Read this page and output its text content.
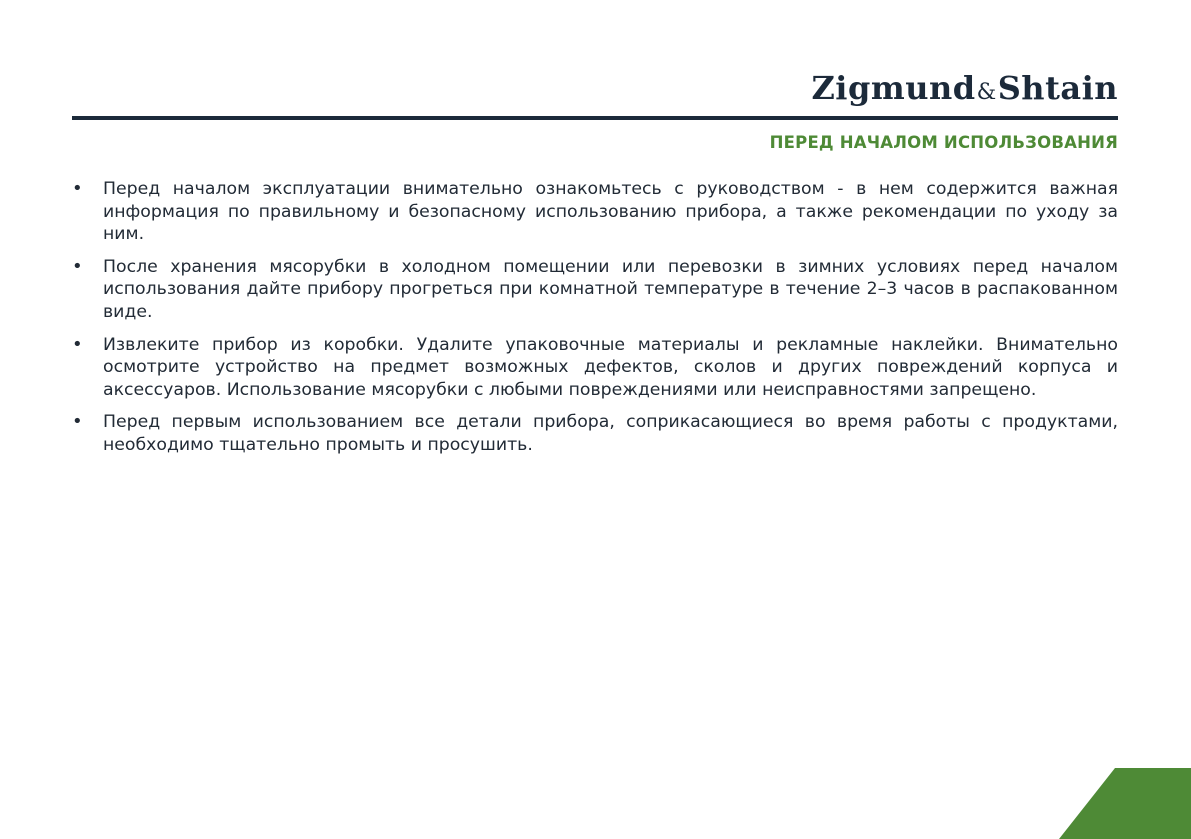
Zigmund&Shtain
ПЕРЕД НАЧАЛОМ ИСПОЛЬЗОВАНИЯ
• Перед началом эксплуатации внимательно ознакомьтесь с руководством - в нем содержится важная информация по правильному и безопасному использованию прибора, а также рекомендации по уходу за ним.
• После хранения мясорубки в холодном помещении или перевозки в зимних условиях перед началом использования дайте прибору прогреться при комнатной температуре в течение 2–3 часов в распакованном виде.
• Извлеките прибор из коробки. Удалите упаковочные материалы и рекламные наклейки. Внимательно осмотрите устройство на предмет возможных дефектов, сколов и других повреждений корпуса и аксессуаров. Использование мясорубки с любыми повреждениями или неисправностями запрещено.
• Перед первым использованием все детали прибора, соприкасающиеся во время работы с продуктами, необходимо тщательно промыть и просушить.
